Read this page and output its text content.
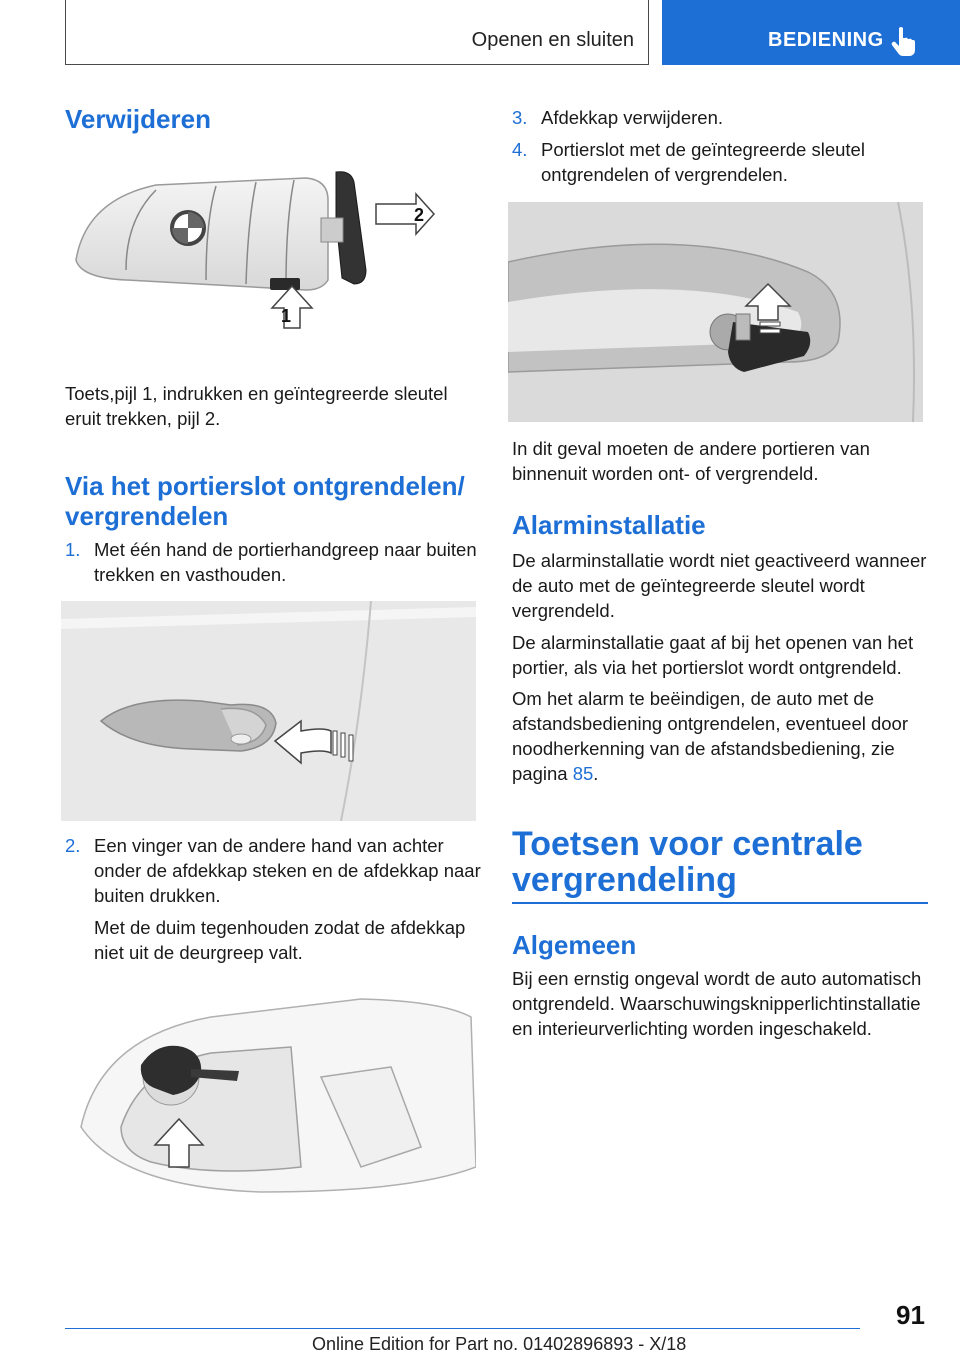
Openen en sluiten	BEDIENING
Verwijderen
2
1
Toets,pijl 1, indrukken en geïntegreerde sleutel eruit trekken, pijl 2.
Via het portierslot ontgrendelen/
vergrendelen
1. Met één hand de portierhandgreep naar buiten trekken en vasthouden.
2. Een vinger van de andere hand van achter onder de afdekkap steken en de afdekkap naar buiten drukken.
Met de duim tegenhouden zodat de afdekkap niet uit de deurgreep valt.
3. Afdekkap verwijderen.
4. Portierslot met de geïntegreerde sleutel ontgrendelen of vergrendelen.
In dit geval moeten de andere portieren van binnenuit worden ont- of vergrendeld.
Alarminstallatie
De alarminstallatie wordt niet geactiveerd wanneer de auto met de geïntegreerde sleutel wordt vergrendeld.
De alarminstallatie gaat af bij het openen van het portier, als via het portierslot wordt ontgrendeld.
Om het alarm te beëindigen, de auto met de afstandsbediening ontgrendelen, eventueel door noodherkenning van de afstandsbediening, zie pagina 85.
Toetsen voor centrale
vergrendeling
Algemeen
Bij een ernstig ongeval wordt de auto automatisch ontgrendeld. Waarschuwingsknipperlichtinstallatie en interieurverlichting worden ingeschakeld.
91
Online Edition for Part no. 01402896893 - X/18
